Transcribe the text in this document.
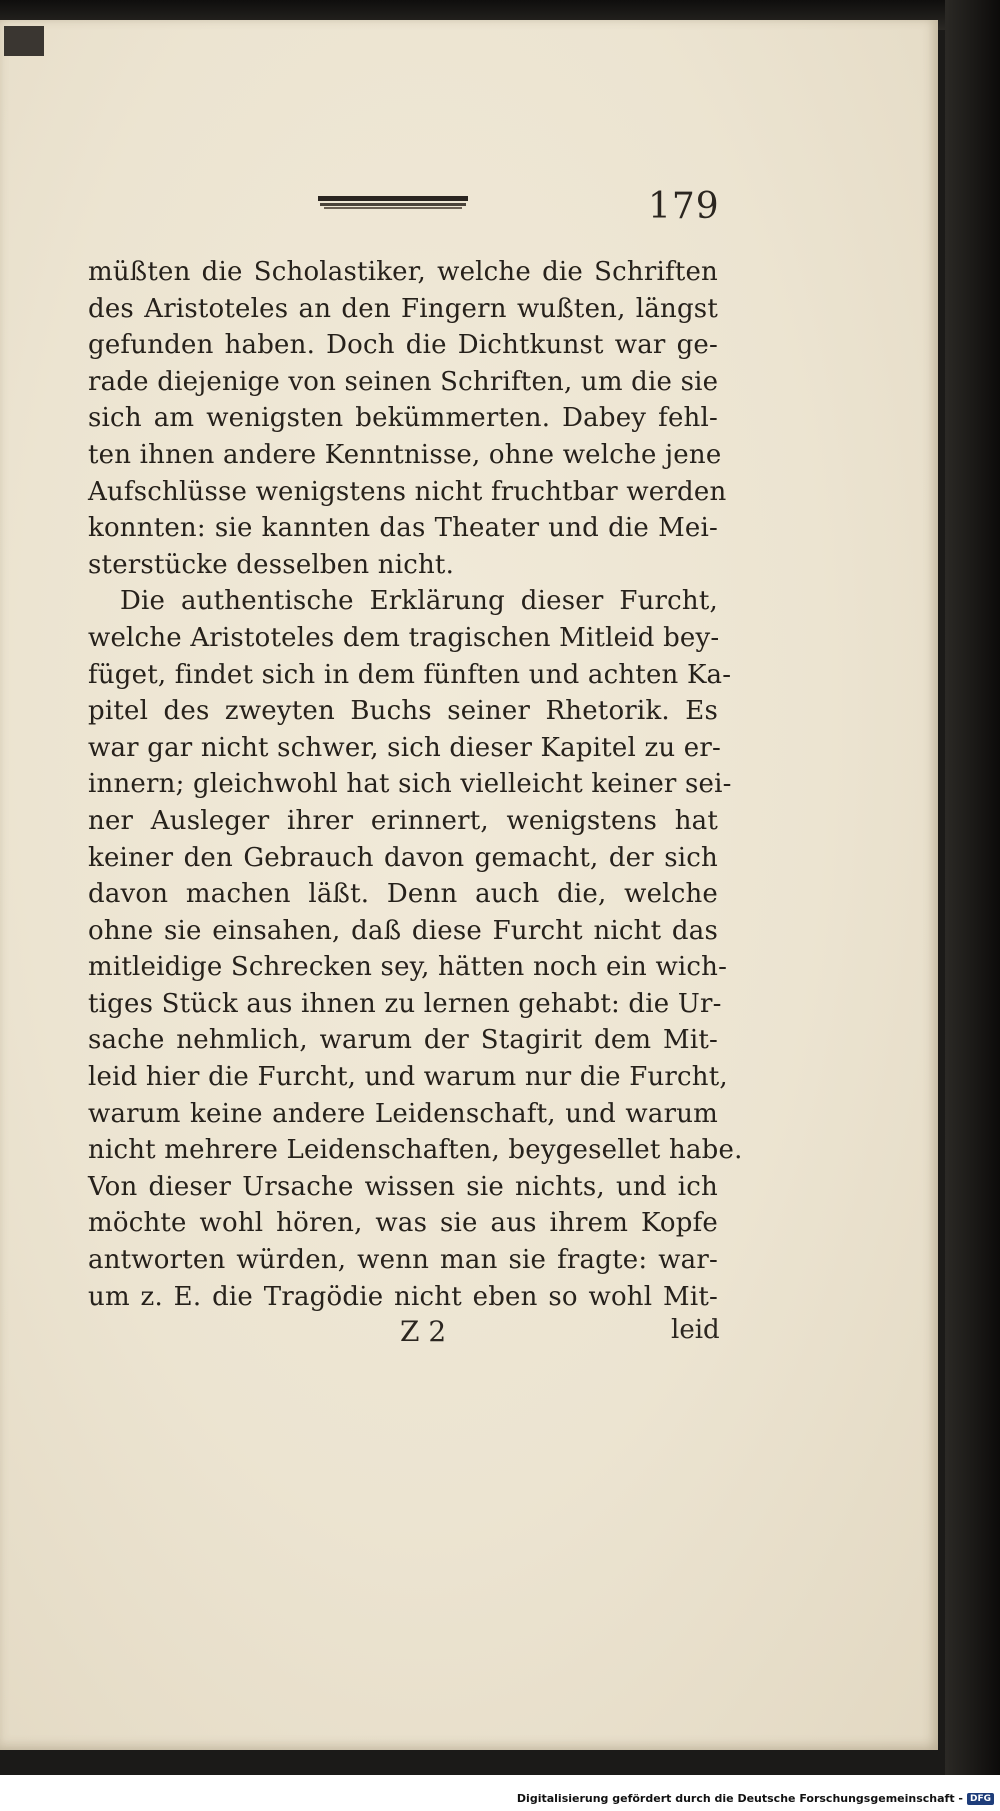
179
müßten die Scholastiker, welche die Schriften
des Aristoteles an den Fingern wußten, längst
gefunden haben. Doch die Dichtkunst war ge-
rade diejenige von seinen Schriften, um die sie
sich am wenigsten bekümmerten. Dabey fehl-
ten ihnen andere Kenntnisse, ohne welche jene
Aufschlüsse wenigstens nicht fruchtbar werden
konnten: sie kannten das Theater und die Mei-
sterstücke desselben nicht.
Die authentische Erklärung dieser Furcht,
welche Aristoteles dem tragischen Mitleid bey-
füget, findet sich in dem fünften und achten Ka-
pitel des zweyten Buchs seiner Rhetorik. Es
war gar nicht schwer, sich dieser Kapitel zu er-
innern; gleichwohl hat sich vielleicht keiner sei-
ner Ausleger ihrer erinnert, wenigstens hat
keiner den Gebrauch davon gemacht, der sich
davon machen läßt. Denn auch die, welche
ohne sie einsahen, daß diese Furcht nicht das
mitleidige Schrecken sey, hätten noch ein wich-
tiges Stück aus ihnen zu lernen gehabt: die Ur-
sache nehmlich, warum der Stagirit dem Mit-
leid hier die Furcht, und warum nur die Furcht,
warum keine andere Leidenschaft, und warum
nicht mehrere Leidenschaften, beygesellet habe.
Von dieser Ursache wissen sie nichts, und ich
möchte wohl hören, was sie aus ihrem Kopfe
antworten würden, wenn man sie fragte: war-
um z. E. die Tragödie nicht eben so wohl Mit-
Z 2	leid
Digitalisierung gefördert durch die Deutsche Forschungsgemeinschaft - DFG
